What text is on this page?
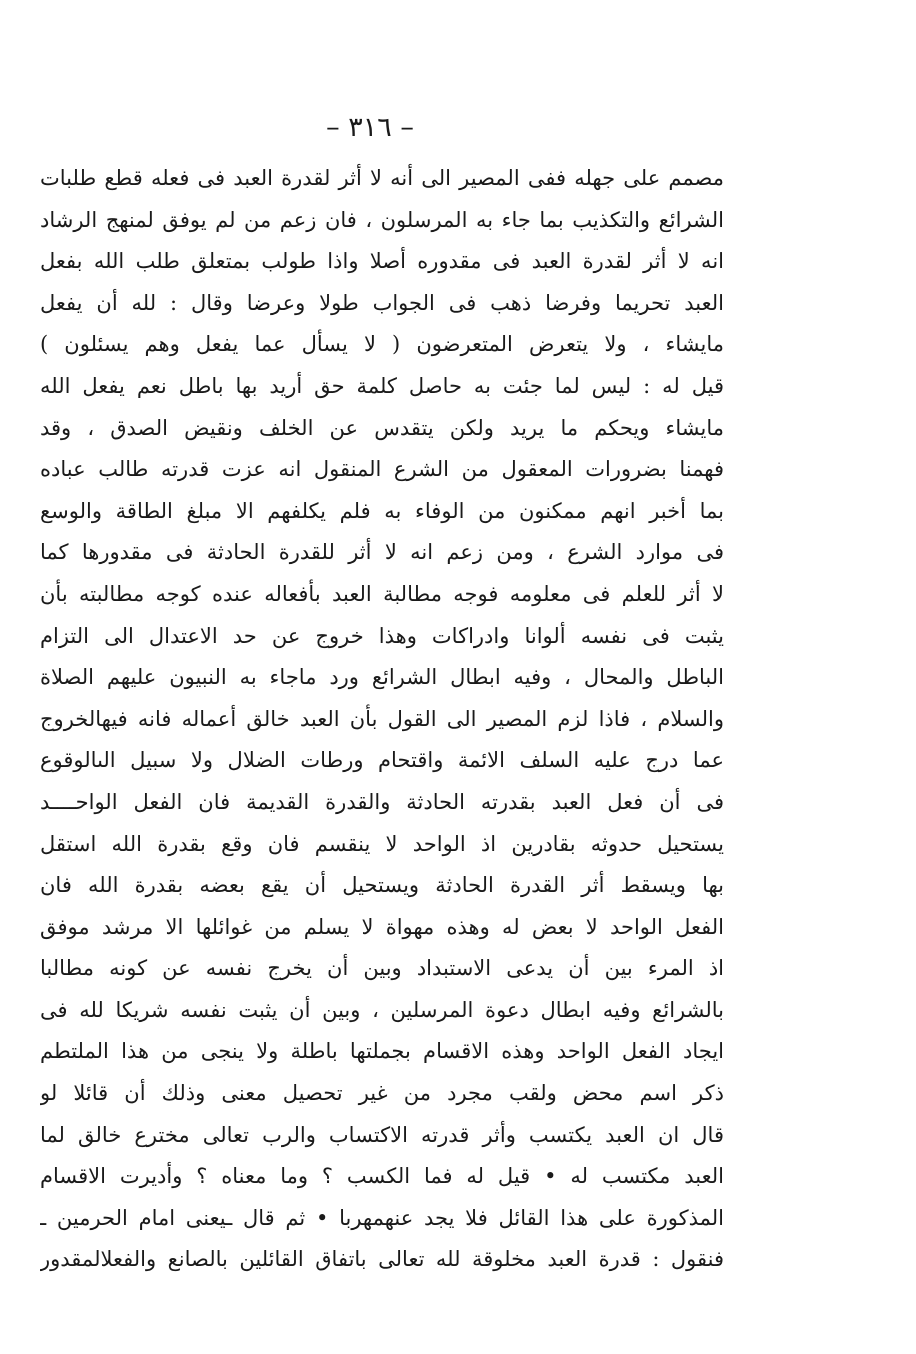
– ٣١٦ –
مصمم على جهله ففى المصير الى أنه لا أثر لقدرة العبد فى فعله قطع طلبات
الشرائع والتكذيب بما جاء به المرسلون ، فان زعم من لم يوفق لمنهج الرشاد
انه لا أثر لقدرة العبد فى مقدوره أصلا واذا طولب بمتعلق طلب الله بفعل
العبد تحريما وفرضا ذهب فى الجواب طولا وعرضا وقال : لله أن يفعل
مايشاء ، ولا يتعرض المتعرضون ( لا يسأل عما يفعل وهم يسئلون )
قيل له : ليس لما جئت به حاصل كلمة حق أريد بها باطل نعم يفعل الله
مايشاء ويحكم ما يريد ولكن يتقدس عن الخلف ونقيض الصدق ، وقد
فهمنا بضرورات المعقول من الشرع المنقول انه عزت قدرته طالب عباده
بما أخبر انهم ممكنون من الوفاء به فلم يكلفهم الا مبلغ الطاقة والوسع
فى موارد الشرع ، ومن زعم انه لا أثر للقدرة الحادثة فى مقدورها كما
لا أثر للعلم فى معلومه فوجه مطالبة العبد بأفعاله عنده كوجه مطالبته بأن
يثبت فى نفسه ألوانا وادراكات وهذا خروج عن حد الاعتدال الى التزام
الباطل والمحال ، وفيه ابطال الشرائع ورد ماجاء به النبيون عليهم الصلاة
والسلام ، فاذا لزم المصير الى القول بأن العبد خالق أعماله فانه فيهالخروج
عما درج عليه السلف الائمة واقتحام ورطات الضلال ولا سبيل الىالوقوع
فى أن فعل العبد بقدرته الحادثة والقدرة القديمة فان الفعل الواحــــد
يستحيل حدوثه بقادرين اذ الواحد لا ينقسم فان وقع بقدرة الله استقل
بها ويسقط أثر القدرة الحادثة ويستحيل أن يقع بعضه بقدرة الله فان
الفعل الواحد لا بعض له وهذه مهواة لا يسلم من غوائلها الا مرشد موفق
اذ المرء بين أن يدعى الاستبداد وبين أن يخرج نفسه عن كونه مطالبا
بالشرائع وفيه ابطال دعوة المرسلين ، وبين أن يثبت نفسه شريكا لله فى
ايجاد الفعل الواحد وهذه الاقسام بجملتها باطلة ولا ينجى من هذا الملتطم
ذكر اسم محض ولقب مجرد من غير تحصيل معنى وذلك أن قائلا لو
قال ان العبد يكتسب وأثر قدرته الاكتساب والرب تعالى مخترع خالق لما
العبد مكتسب له • قيل له فما الكسب ؟ وما معناه ؟ وأديرت الاقسام
المذكورة على هذا القائل فلا يجد عنهمهربا • ثم قال ـيعنى امام الحرمين ـ
فنقول : قدرة العبد مخلوقة لله تعالى باتفاق القائلين بالصانع والفعلالمقدور
